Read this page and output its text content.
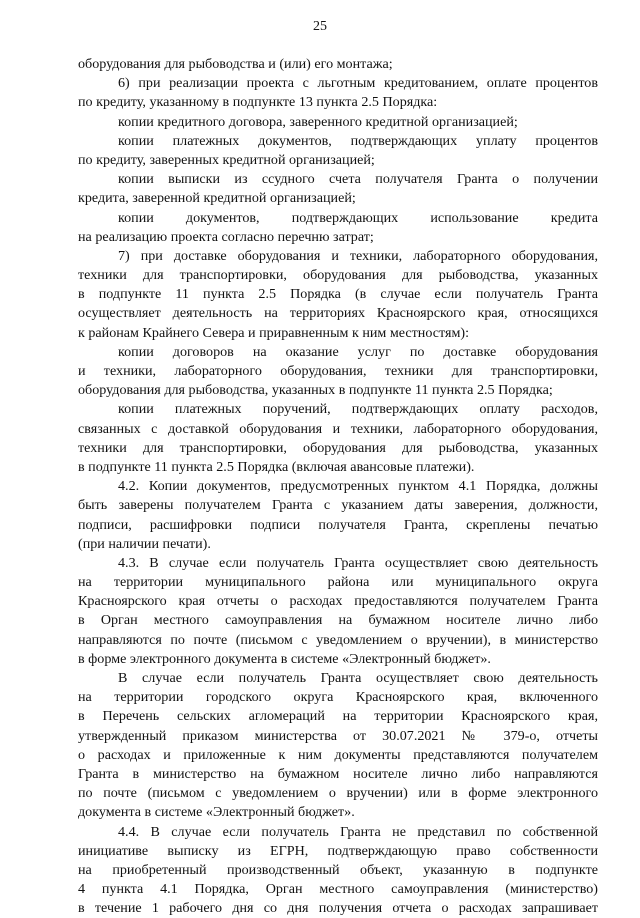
25
оборудования для рыбоводства и (или) его монтажа;
6) при реализации проекта с льготным кредитованием, оплате процентов
по кредиту, указанному в подпункте 13 пункта 2.5 Порядка:
копии кредитного договора, заверенного кредитной организацией;
копии платежных документов, подтверждающих уплату процентов
по кредиту, заверенных кредитной организацией;
копии выписки из ссудного счета получателя Гранта о получении
кредита, заверенной кредитной организацией;
копии документов, подтверждающих использование кредита
на реализацию проекта согласно перечню затрат;
7) при доставке оборудования и техники, лабораторного оборудования,
техники для транспортировки, оборудования для рыбоводства, указанных
в подпункте 11 пункта 2.5 Порядка (в случае если получатель Гранта
осуществляет деятельность на территориях Красноярского края, относящихся
к районам Крайнего Севера и приравненным к ним местностям):
копии договоров на оказание услуг по доставке оборудования
и техники, лабораторного оборудования, техники для транспортировки,
оборудования для рыбоводства, указанных в подпункте 11 пункта 2.5 Порядка;
копии платежных поручений, подтверждающих оплату расходов,
связанных с доставкой оборудования и техники, лабораторного оборудования,
техники для транспортировки, оборудования для рыбоводства, указанных
в подпункте 11 пункта 2.5 Порядка (включая авансовые платежи).
4.2. Копии документов, предусмотренных пунктом 4.1 Порядка, должны
быть заверены получателем Гранта с указанием даты заверения, должности,
подписи, расшифровки подписи получателя Гранта, скреплены печатью
(при наличии печати).
4.3. В случае если получатель Гранта осуществляет свою деятельность
на территории муниципального района или муниципального округа
Красноярского края отчеты о расходах предоставляются получателем Гранта
в Орган местного самоуправления на бумажном носителе лично либо
направляются по почте (письмом с уведомлением о вручении), в министерство
в форме электронного документа в системе «Электронный бюджет».
В случае если получатель Гранта осуществляет свою деятельность
на территории городского округа Красноярского края, включенного
в Перечень сельских агломераций на территории Красноярского края,
утвержденный приказом министерства от 30.07.2021 № 379-о, отчеты
о расходах и приложенные к ним документы представляются получателем
Гранта в министерство на бумажном носителе лично либо направляются
по почте (письмом с уведомлением о вручении) или в форме электронного
документа в системе «Электронный бюджет».
4.4. В случае если получатель Гранта не представил по собственной
инициативе выписку из ЕГРН, подтверждающую право собственности
на приобретенный производственный объект, указанную в подпункте
4 пункта 4.1 Порядка, Орган местного самоуправления (министерство)
в течение 1 рабочего дня со дня получения отчета о расходах запрашивает
